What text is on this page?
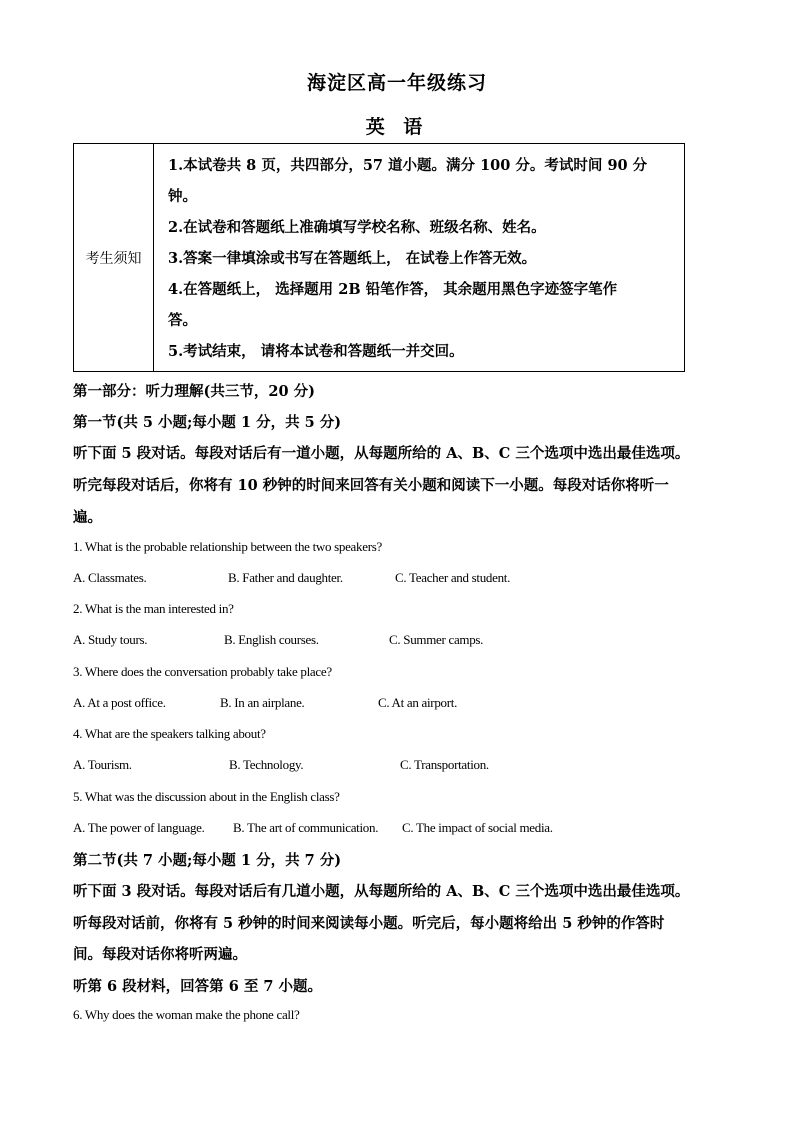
海淀区高一年级练习
英 语
考生须知
1.本试卷共 8 页，共四部分，57 道小题。满分 100 分。考试时间 90 分
钟。
2.在试卷和答题纸上准确填写学校名称、班级名称、姓名。
3.答案一律填涂或书写在答题纸上， 在试卷上作答无效。
4.在答题纸上， 选择题用 2B 铅笔作答， 其余题用黑色字迹签字笔作
答。
5.考试结束， 请将本试卷和答题纸一并交回。
第一部分：听力理解(共三节，20 分)
第一节(共 5 小题;每小题 1 分，共 5 分)
听下面 5 段对话。每段对话后有一道小题，从每题所给的 A、B、C 三个选项中选出最佳选项。
听完每段对话后，你将有 10 秒钟的时间来回答有关小题和阅读下一小题。每段对话你将听一
遍。
1. What is the probable relationship between the two speakers?
A. Classmates.	B. Father and daughter.	C. Teacher and student.
2. What is the man interested in?
A. Study tours.	B. English courses.	C. Summer camps.
3. Where does the conversation probably take place?
A. At a post office.	B. In an airplane.	C. At an airport.
4. What are the speakers talking about?
A. Tourism.	B. Technology.	C. Transportation.
5. What was the discussion about in the English class?
A. The power of language. B. The art of communication. C. The impact of social media.
第二节(共 7 小题;每小题 1 分，共 7 分)
听下面 3 段对话。每段对话后有几道小题，从每题所给的 A、B、C 三个选项中选出最佳选项。
听每段对话前，你将有 5 秒钟的时间来阅读每小题。听完后，每小题将给出 5 秒钟的作答时
间。每段对话你将听两遍。
听第 6 段材料，回答第 6 至 7 小题。
6. Why does the woman make the phone call?
